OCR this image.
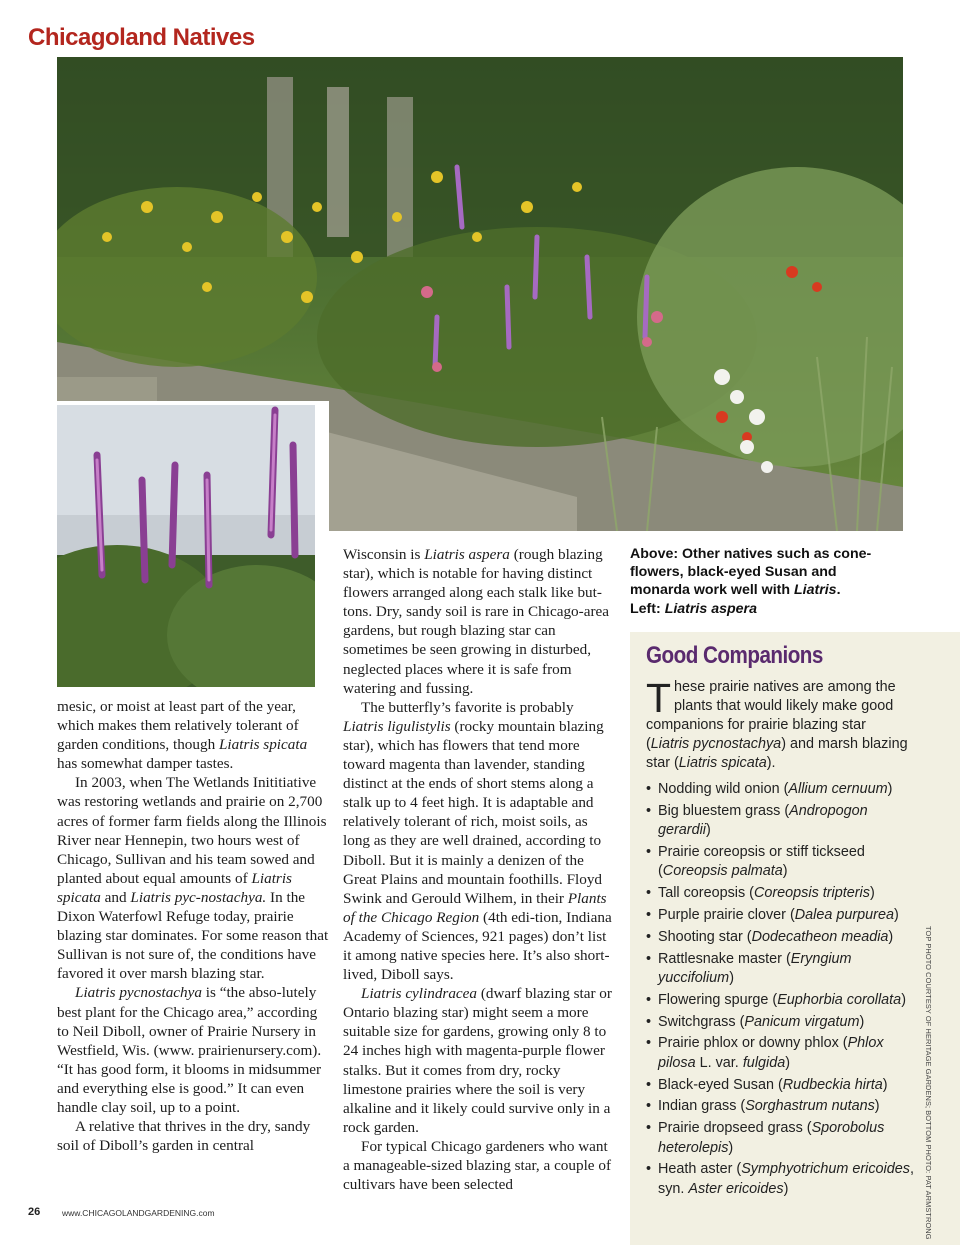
Chicagoland Natives

mesic, or moist at least part of the year, which makes them relatively tolerant of garden conditions, though Liatris spicata has somewhat damper tastes.

In 2003, when The Wetlands Inititiative was restoring wetlands and prairie on 2,700 acres of former farm fields along the Illinois River near Hennepin, two hours west of Chicago, Sullivan and his team sowed and planted about equal amounts of Liatris spicata and Liatris pyc-nostachya. In the Dixon Waterfowl Refuge today, prairie blazing star dominates. For some reason that Sullivan is not sure of, the conditions have favored it over marsh blazing star.

Liatris pycnostachya is “the abso-lutely best plant for the Chicago area,” according to Neil Diboll, owner of Prairie Nursery in Westfield, Wis. (www. prairienursery.com). “It has good form, it blooms in midsummer and everything else is good.” It can even handle clay soil, up to a point.

A relative that thrives in the dry, sandy soil of Diboll’s garden in central

Wisconsin is Liatris aspera (rough blazing star), which is notable for having distinct flowers arranged along each stalk like but-tons. Dry, sandy soil is rare in Chicago-area gardens, but rough blazing star can sometimes be seen growing in disturbed, neglected places where it is safe from watering and fussing.

The butterfly’s favorite is probably Liatris ligulistylis (rocky mountain blazing star), which has flowers that tend more toward magenta than lavender, standing distinct at the ends of short stems along a stalk up to 4 feet high. It is adaptable and relatively tolerant of rich, moist soils, as long as they are well drained, according to Diboll. But it is mainly a denizen of the Great Plains and mountain foothills. Floyd Swink and Gerould Wilhem, in their Plants of the Chicago Region (4th edi-tion, Indiana Academy of Sciences, 921 pages) don’t list it among native species here. It’s also short-lived, Diboll says.

Liatris cylindracea (dwarf blazing star or Ontario blazing star) might seem a more suitable size for gardens, growing only 8 to 24 inches high with magenta-purple flower stalks. But it comes from dry, rocky limestone prairies where the soil is very alkaline and it likely could survive only in a rock garden.

For typical Chicago gardeners who want a manageable-sized blazing star, a couple of cultivars have been selected

Above: Other natives such as cone-flowers, black-eyed Susan and monarda work well with Liatris.
Left: Liatris aspera
Good Companions
These prairie natives are among the plants that would likely make good companions for prairie blazing star (Liatris pycnostachya) and marsh blazing star (Liatris spicata).
• Nodding wild onion (Allium cernuum)
• Big bluestem grass (Andropogon gerardii)
• Prairie coreopsis or stiff tickseed (Coreopsis palmata)
• Tall coreopsis (Coreopsis tripteris)
• Purple prairie clover (Dalea purpurea)
• Shooting star (Dodecatheon meadia)
• Rattlesnake master (Eryngium yuccifolium)
• Flowering spurge (Euphorbia corollata)
• Switchgrass (Panicum virgatum)
• Prairie phlox or downy phlox (Phlox pilosa L. var. fulgida)
• Black-eyed Susan (Rudbeckia hirta)
• Indian grass (Sorghastrum nutans)
• Prairie dropseed grass (Sporobolus heterolepis)
• Heath aster (Symphyotrichum ericoides, syn. Aster ericoides)	TOP PHOTO COURTESY OF HERITAGE GARDENS; BOTTOM PHOTO: PAT ARMSTRONG
26	www.CHICAGOLANDGARDENING.com
